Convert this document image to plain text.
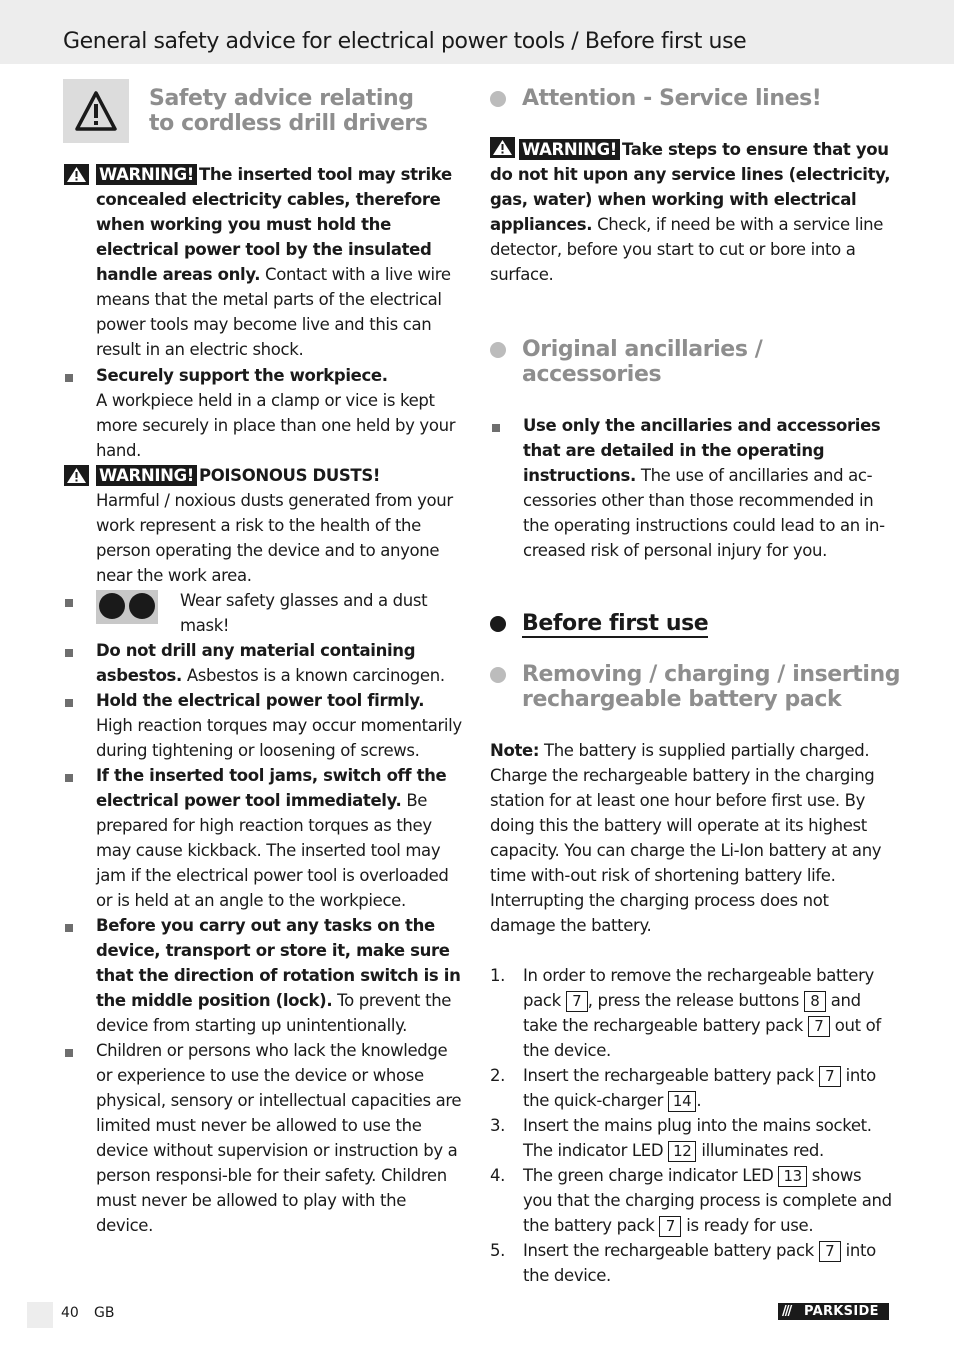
General safety advice for electrical power tools / Before first use
Safety advice relating
to cordless drill drivers
WARNING! The inserted tool may strike concealed electricity cables, therefore when working you must hold the electrical power tool by the insulated handle areas only. Contact with a live wire means that the metal parts of the electrical power tools may become live and this can result in an electric shock.
Securely support the workpiece.
A workpiece held in a clamp or vice is kept more securely in place than one held by your hand.
WARNING! POISONOUS DUSTS!
Harmful / noxious dusts generated from your work represent a risk to the health of the person operating the device and to anyone near the work area.
Wear safety glasses and a dust mask!
Do not drill any material containing asbestos. Asbestos is a known carcinogen.
Hold the electrical power tool firmly.
High reaction torques may occur momentarily during tightening or loosening of screws.
If the inserted tool jams, switch off the electrical power tool immediately. Be prepared for high reaction torques as they may cause kickback. The inserted tool may jam if the electrical power tool is overloaded or is held at an angle to the workpiece.
Before you carry out any tasks on the device, transport or store it, make sure that the direction of rotation switch is in the middle position (lock). To prevent the device from starting up unintentionally.
Children or persons who lack the knowledge or experience to use the device or whose physical, sensory or intellectual capacities are limited must never be allowed to use the device without supervision or instruction by a person responsi-ble for their safety. Children must never be allowed to play with the device.
Attention - Service lines!
WARNING! Take steps to ensure that you do not hit upon any service lines (electricity, gas, water) when working with electrical appliances. Check, if need be with a service line detector, before you start to cut or bore into a surface.
Original ancillaries /
accessories
Use only the ancillaries and accessories that are detailed in the operating instructions. The use of ancillaries and ac-cessories other than those recommended in the operating instructions could lead to an in-creased risk of personal injury for you.
Before first use
Removing / charging / inserting
rechargeable battery pack
Note: The battery is supplied partially charged. Charge the rechargeable battery in the charging station for at least one hour before first use. By doing this the battery will operate at its highest capacity. You can charge the Li-Ion battery at any time with-out risk of shortening battery life. Interrupting the charging process does not damage the battery.
1. In order to remove the rechargeable battery pack 7 , press the release buttons 8 and take the rechargeable battery pack 7 out of the device.
2. Insert the rechargeable battery pack 7 into the quick-charger 14 .
3. Insert the mains plug into the mains socket. The indicator LED 12 illuminates red.
4. The green charge indicator LED 13 shows you that the charging process is complete and the battery pack 7 is ready for use.
5. Insert the rechargeable battery pack 7 into the device.
40 GB	/// PARKSIDE
